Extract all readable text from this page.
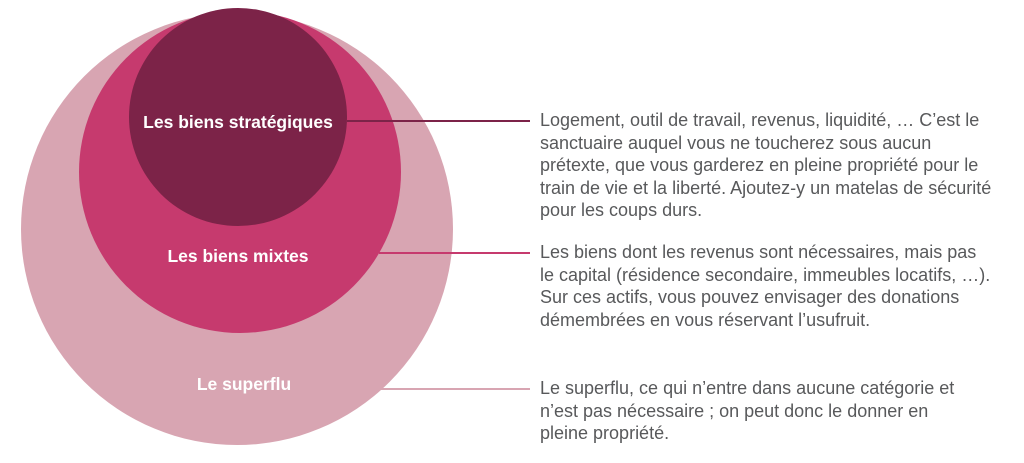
Les biens stratégiques
Les biens mixtes
Le superflu
Logement, outil de travail, revenus, liquidité, … C’est le
sanctuaire auquel vous ne toucherez sous aucun
prétexte, que vous garderez en pleine propriété pour le
train de vie et la liberté. Ajoutez-y un matelas de sécurité
pour les coups durs.
Les biens dont les revenus sont nécessaires, mais pas
le capital (résidence secondaire, immeubles locatifs, …).
Sur ces actifs, vous pouvez envisager des donations
démembrées en vous réservant l’usufruit.
Le superflu, ce qui n’entre dans aucune catégorie et
n’est pas nécessaire ; on peut donc le donner en
pleine propriété.
